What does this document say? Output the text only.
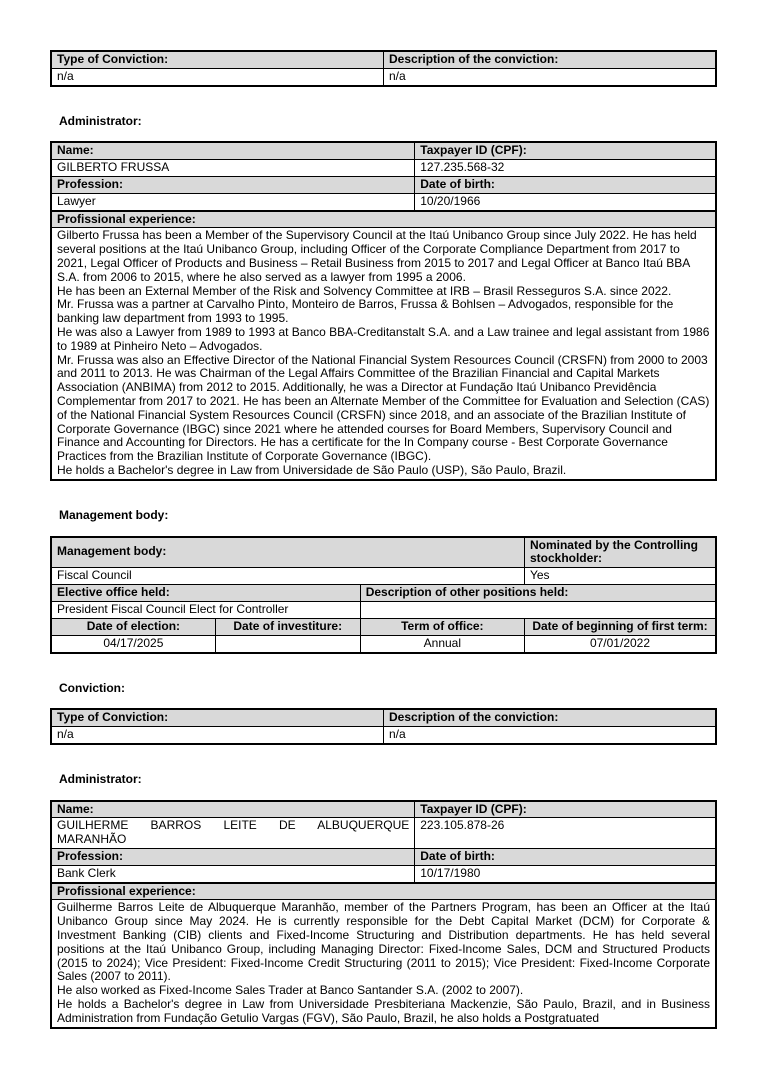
Type of Conviction:	Description of the conviction:
n/a	n/a
Administrator:
Name:	Taxpayer ID (CPF):
GILBERTO FRUSSA	127.235.568-32
Profession:	Date of birth:
Lawyer	10/20/1966
Profissional experience:	

Gilberto Frussa has been a Member of the Supervisory Council at the Itaú Unibanco Group since July 2022. He has held several positions at the Itaú Unibanco Group, including Officer of the Corporate Compliance Department from 2017 to 2021, Legal Officer of Products and Business – Retail Business from 2015 to 2017 and Legal Officer at Banco Itaú BBA S.A. from 2006 to 2015, where he also served as a lawyer from 1995 a 2006.

He has been an External Member of the Risk and Solvency Committee at IRB – Brasil Resseguros S.A. since 2022.

Mr. Frussa was a partner at Carvalho Pinto, Monteiro de Barros, Frussa & Bohlsen – Advogados, responsible for the banking law department from 1993 to 1995.

He was also a Lawyer from 1989 to 1993 at Banco BBA-Creditanstalt S.A. and a Law trainee and legal assistant from 1986 to 1989 at Pinheiro Neto – Advogados.

Mr. Frussa was also an Effective Director of the National Financial System Resources Council (CRSFN) from 2000 to 2003 and 2011 to 2013. He was Chairman of the Legal Affairs Committee of the Brazilian Financial and Capital Markets Association (ANBIMA) from 2012 to 2015. Additionally, he was a Director at Fundação Itaú Unibanco Previdência Complementar from 2017 to 2021. He has been an Alternate Member of the Committee for Evaluation and Selection (CAS) of the National Financial System Resources Council (CRSFN) since 2018, and an associate of the Brazilian Institute of Corporate Governance (IBGC) since 2021 where he attended courses for Board Members, Supervisory Council and Finance and Accounting for Directors. He has a certificate for the In Company course - Best Corporate Governance Practices from the Brazilian Institute of Corporate Governance (IBGC).

He holds a Bachelor's degree in Law from Universidade de São Paulo (USP), São Paulo, Brazil.

Management body:
Management body:			Nominated by the Controlling stockholder:
Fiscal Council			Yes
Elective office held:		Description of other positions held:	
President Fiscal Council Elect for Controller			
Date of election:	Date of investiture:	Term of office:	Date of beginning of first term:
04/17/2025		Annual	07/01/2022
Conviction:
Type of Conviction:	Description of the conviction:
n/a	n/a
Administrator:
Name:	Taxpayer ID (CPF):

GUILHERME BARROS LEITE DE ALBUQUERQUE
MARANHÃO	223.105.878-26
Profession:	Date of birth:
Bank Clerk	10/17/1980
Profissional experience:	

Guilherme Barros Leite de Albuquerque Maranhão, member of the Partners Program, has been an Officer at the Itaú Unibanco Group since May 2024. He is currently responsible for the Debt Capital Market (DCM) for Corporate & Investment Banking (CIB) clients and Fixed-Income Structuring and Distribution departments. He has held several positions at the Itaú Unibanco Group, including Managing Director: Fixed-Income Sales, DCM and Structured Products (2015 to 2024); Vice President: Fixed-Income Credit Structuring (2011 to 2015); Vice President: Fixed-Income Corporate Sales (2007 to 2011).

He also worked as Fixed-Income Sales Trader at Banco Santander S.A. (2002 to 2007).

He holds a Bachelor's degree in Law from Universidade Presbiteriana Mackenzie, São Paulo, Brazil, and in Business Administration from Fundação Getulio Vargas (FGV), São Paulo, Brazil, he also holds a Postgratuated	
